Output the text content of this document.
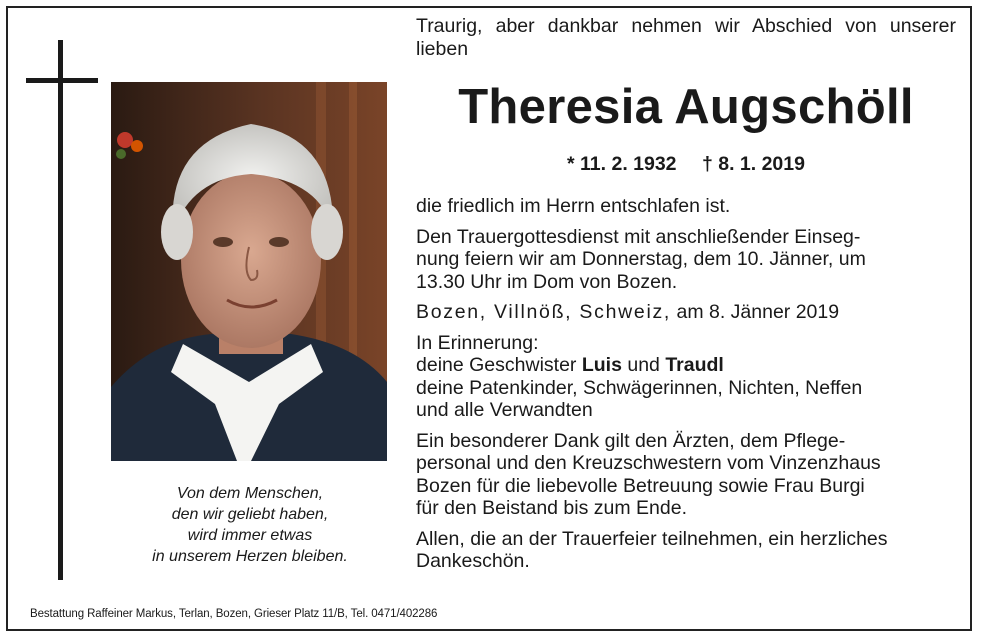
Von dem Menschen,
den wir geliebt haben,
wird immer etwas
in unserem Herzen bleiben.
Bestattung Raffeiner Markus, Terlan, Bozen, Grieser Platz 11/B, Tel. 0471/402286
Traurig, aber dankbar nehmen wir Abschied von unserer lieben
Theresia Augschöll
* 11. 2. 1932 † 8. 1. 2019
die friedlich im Herrn entschlafen ist.
Den Trauergottesdienst mit anschließender Einseg-
nung feiern wir am Donnerstag, dem 10. Jänner, um
13.30 Uhr im Dom von Bozen.
Bozen, Villnöß, Schweiz, am 8. Jänner 2019
In Erinnerung:
deine Geschwister Luis und Traudl
deine Patenkinder, Schwägerinnen, Nichten, Neffen
und alle Verwandten
Ein besonderer Dank gilt den Ärzten, dem Pflege-
personal und den Kreuzschwestern vom Vinzenzhaus
Bozen für die liebevolle Betreuung sowie Frau Burgi
für den Beistand bis zum Ende.
Allen, die an der Trauerfeier teilnehmen, ein herzliches
Dankeschön.
